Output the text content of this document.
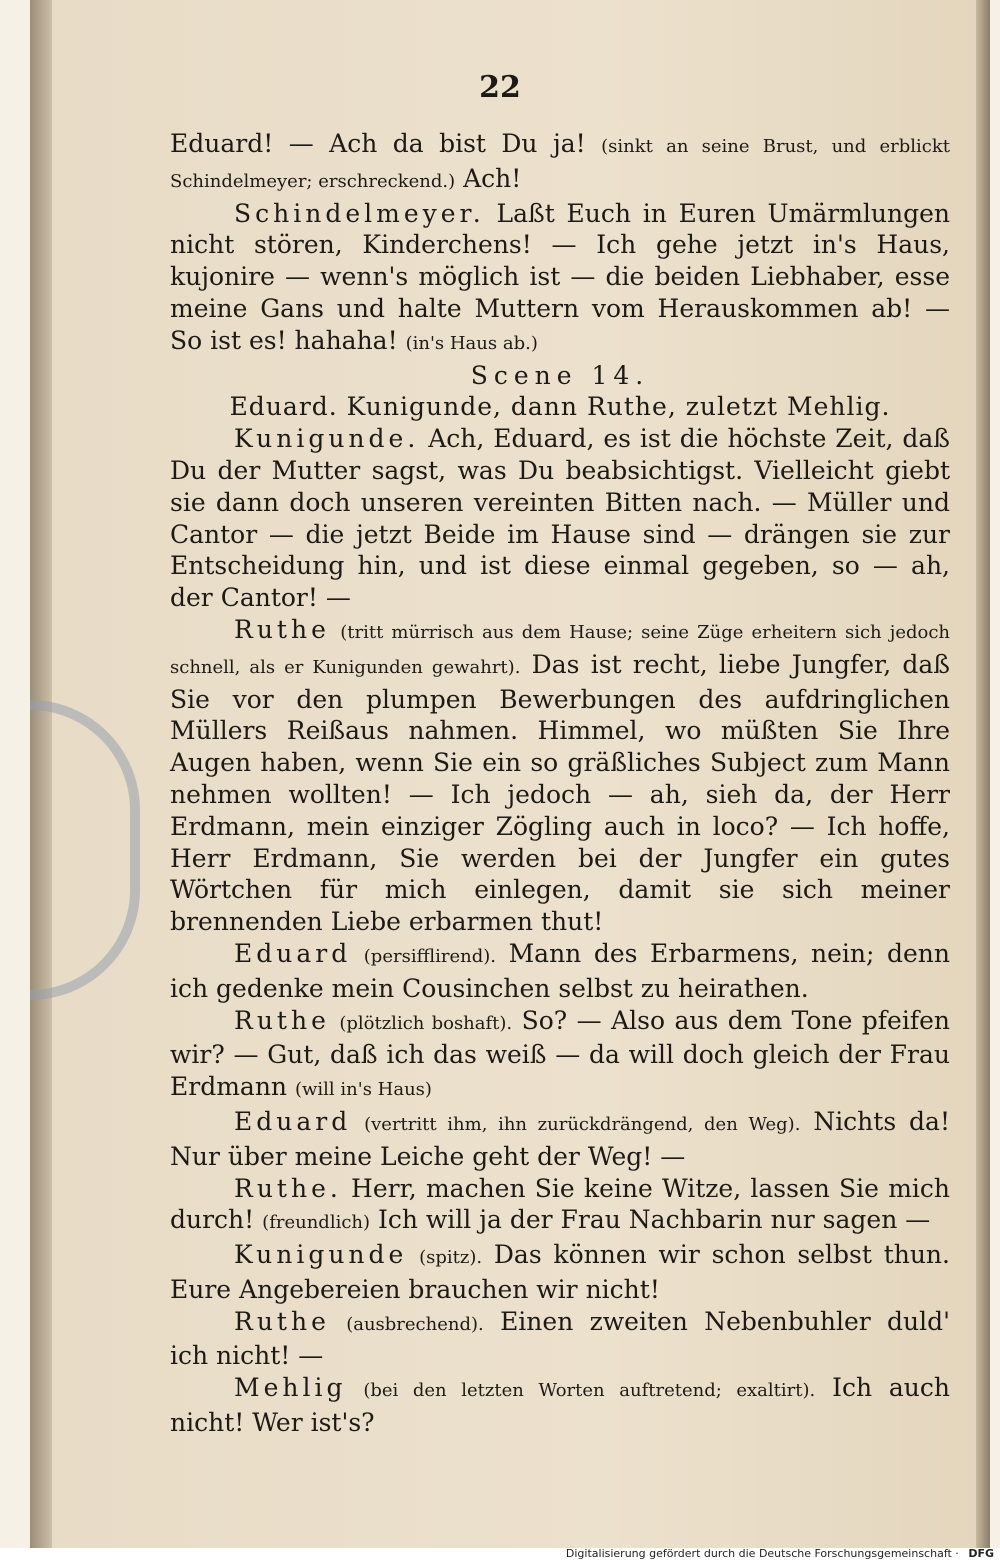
22

Eduard! — Ach da bist Du ja! (sinkt an seine Brust, und erblickt Schindelmeyer; erschreckend.) Ach!

Schindelmeyer. Laßt Euch in Euren Umärmlungen nicht stören, Kinderchens! — Ich gehe jetzt in's Haus, kujonire — wenn's möglich ist — die beiden Liebhaber, esse meine Gans und halte Muttern vom Herauskommen ab! — So ist es! hahaha! (in's Haus ab.)

Scene 14.

Eduard. Kunigunde, dann Ruthe, zuletzt Mehlig.

Kunigunde. Ach, Eduard, es ist die höchste Zeit, daß Du der Mutter sagst, was Du beabsichtigst. Vielleicht giebt sie dann doch unseren vereinten Bitten nach. — Müller und Cantor — die jetzt Beide im Hause sind — drängen sie zur Entscheidung hin, und ist diese einmal gegeben, so — ah, der Cantor! —

Ruthe (tritt mürrisch aus dem Hause; seine Züge erheitern sich jedoch schnell, als er Kunigunden gewahrt). Das ist recht, liebe Jungfer, daß Sie vor den plumpen Bewerbungen des aufdringlichen Müllers Reißaus nahmen. Himmel, wo müßten Sie Ihre Augen haben, wenn Sie ein so gräßliches Subject zum Mann nehmen wollten! — Ich jedoch — ah, sieh da, der Herr Erdmann, mein einziger Zögling auch in loco? — Ich hoffe, Herr Erdmann, Sie werden bei der Jungfer ein gutes Wörtchen für mich einlegen, damit sie sich meiner brennenden Liebe erbarmen thut!

Eduard (persifflirend). Mann des Erbarmens, nein; denn ich gedenke mein Cousinchen selbst zu heirathen.

Ruthe (plötzlich boshaft). So? — Also aus dem Tone pfeifen wir? — Gut, daß ich das weiß — da will doch gleich der Frau Erdmann (will in's Haus)

Eduard (vertritt ihm, ihn zurückdrängend, den Weg). Nichts da! Nur über meine Leiche geht der Weg! —

Ruthe. Herr, machen Sie keine Witze, lassen Sie mich durch! (freundlich) Ich will ja der Frau Nachbarin nur sagen —

Kunigunde (spitz). Das können wir schon selbst thun. Eure Angebereien brauchen wir nicht!

Ruthe (ausbrechend). Einen zweiten Nebenbuhler duld' ich nicht! —

Mehlig (bei den letzten Worten auftretend; exaltirt). Ich auch nicht! Wer ist's?

Digitalisierung gefördert durch die Deutsche Forschungsgemeinschaft · DFG
